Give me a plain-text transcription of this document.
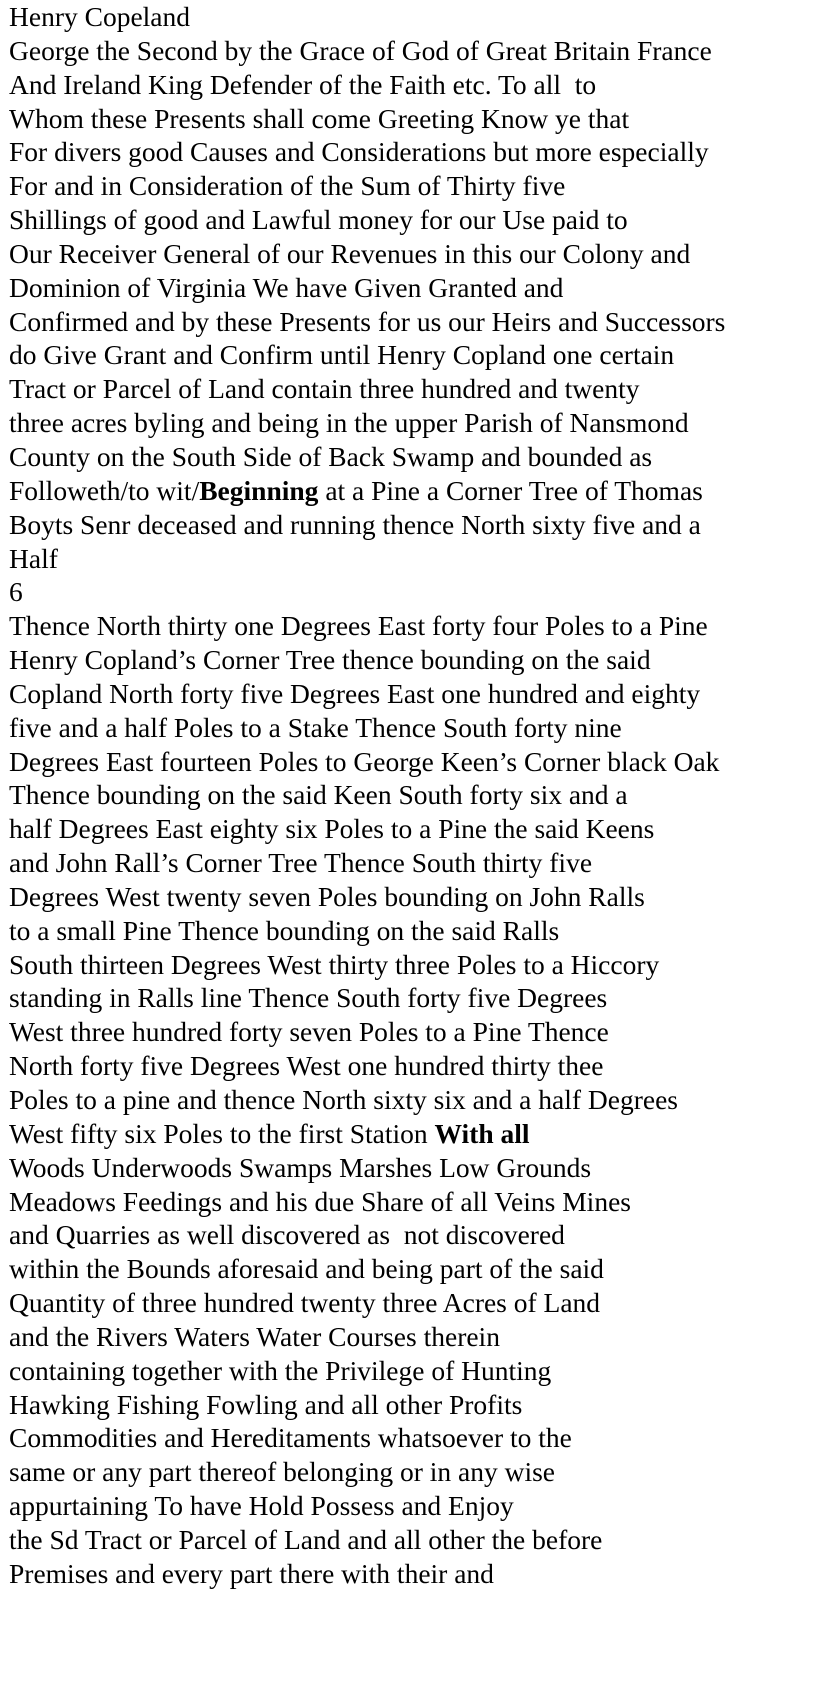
Henry Copeland
George the Second by the Grace of God of Great Britain France
And Ireland King Defender of the Faith etc. To all  to
Whom these Presents shall come Greeting Know ye that
For divers good Causes and Considerations but more especially
For and in Consideration of the Sum of Thirty five
Shillings of good and Lawful money for our Use paid to
Our Receiver General of our Revenues in this our Colony and
Dominion of Virginia We have Given Granted and
Confirmed and by these Presents for us our Heirs and Successors
do Give Grant and Confirm until Henry Copland one certain
Tract or Parcel of Land contain three hundred and twenty
three acres byling and being in the upper Parish of Nansmond
County on the South Side of Back Swamp and bounded as
Followeth/to wit/Beginning at a Pine a Corner Tree of Thomas
Boyts Senr deceased and running thence North sixty five and a
Half
6
Thence North thirty one Degrees East forty four Poles to a Pine
Henry Copland’s Corner Tree thence bounding on the said
Copland North forty five Degrees East one hundred and eighty
five and a half Poles to a Stake Thence South forty nine
Degrees East fourteen Poles to George Keen’s Corner black Oak
Thence bounding on the said Keen South forty six and a
half Degrees East eighty six Poles to a Pine the said Keens
and John Rall’s Corner Tree Thence South thirty five
Degrees West twenty seven Poles bounding on John Ralls
to a small Pine Thence bounding on the said Ralls
South thirteen Degrees West thirty three Poles to a Hiccory
standing in Ralls line Thence South forty five Degrees
West three hundred forty seven Poles to a Pine Thence
North forty five Degrees West one hundred thirty thee
Poles to a pine and thence North sixty six and a half Degrees
West fifty six Poles to the first Station With all
Woods Underwoods Swamps Marshes Low Grounds
Meadows Feedings and his due Share of all Veins Mines
and Quarries as well discovered as  not discovered
within the Bounds aforesaid and being part of the said
Quantity of three hundred twenty three Acres of Land
and the Rivers Waters Water Courses therein
containing together with the Privilege of Hunting
Hawking Fishing Fowling and all other Profits
Commodities and Hereditaments whatsoever to the
same or any part thereof belonging or in any wise
appurtaining To have Hold Possess and Enjoy
the Sd Tract or Parcel of Land and all other the before
Premises and every part there with their and
